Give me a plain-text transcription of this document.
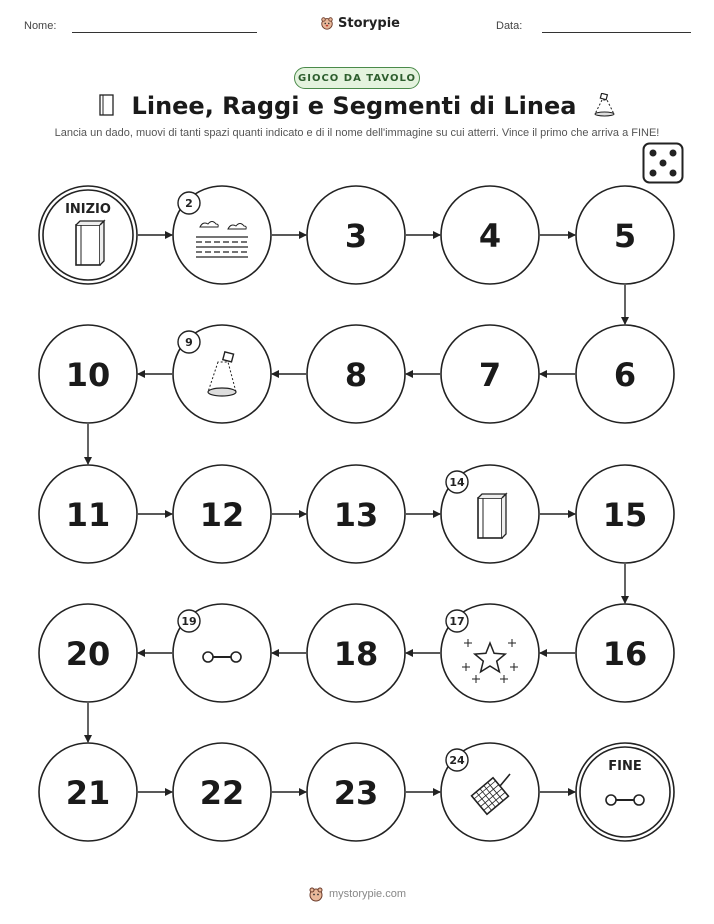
Nome:	Storypie	Data:
GIOCO DA TAVOLO
Linee, Raggi e Segmenti di Linea
Lancia un dado, muovi di tanti spazi quanti indicato e di il nome dell'immagine su cui atterri. Vince il primo che arriva a FINE!
INIZIO	2
3	4	5
6
7
8
9
10
11	12	13
14
15
16
17
18
19
20
21	22	23
24	FINE
mystorypie.com
